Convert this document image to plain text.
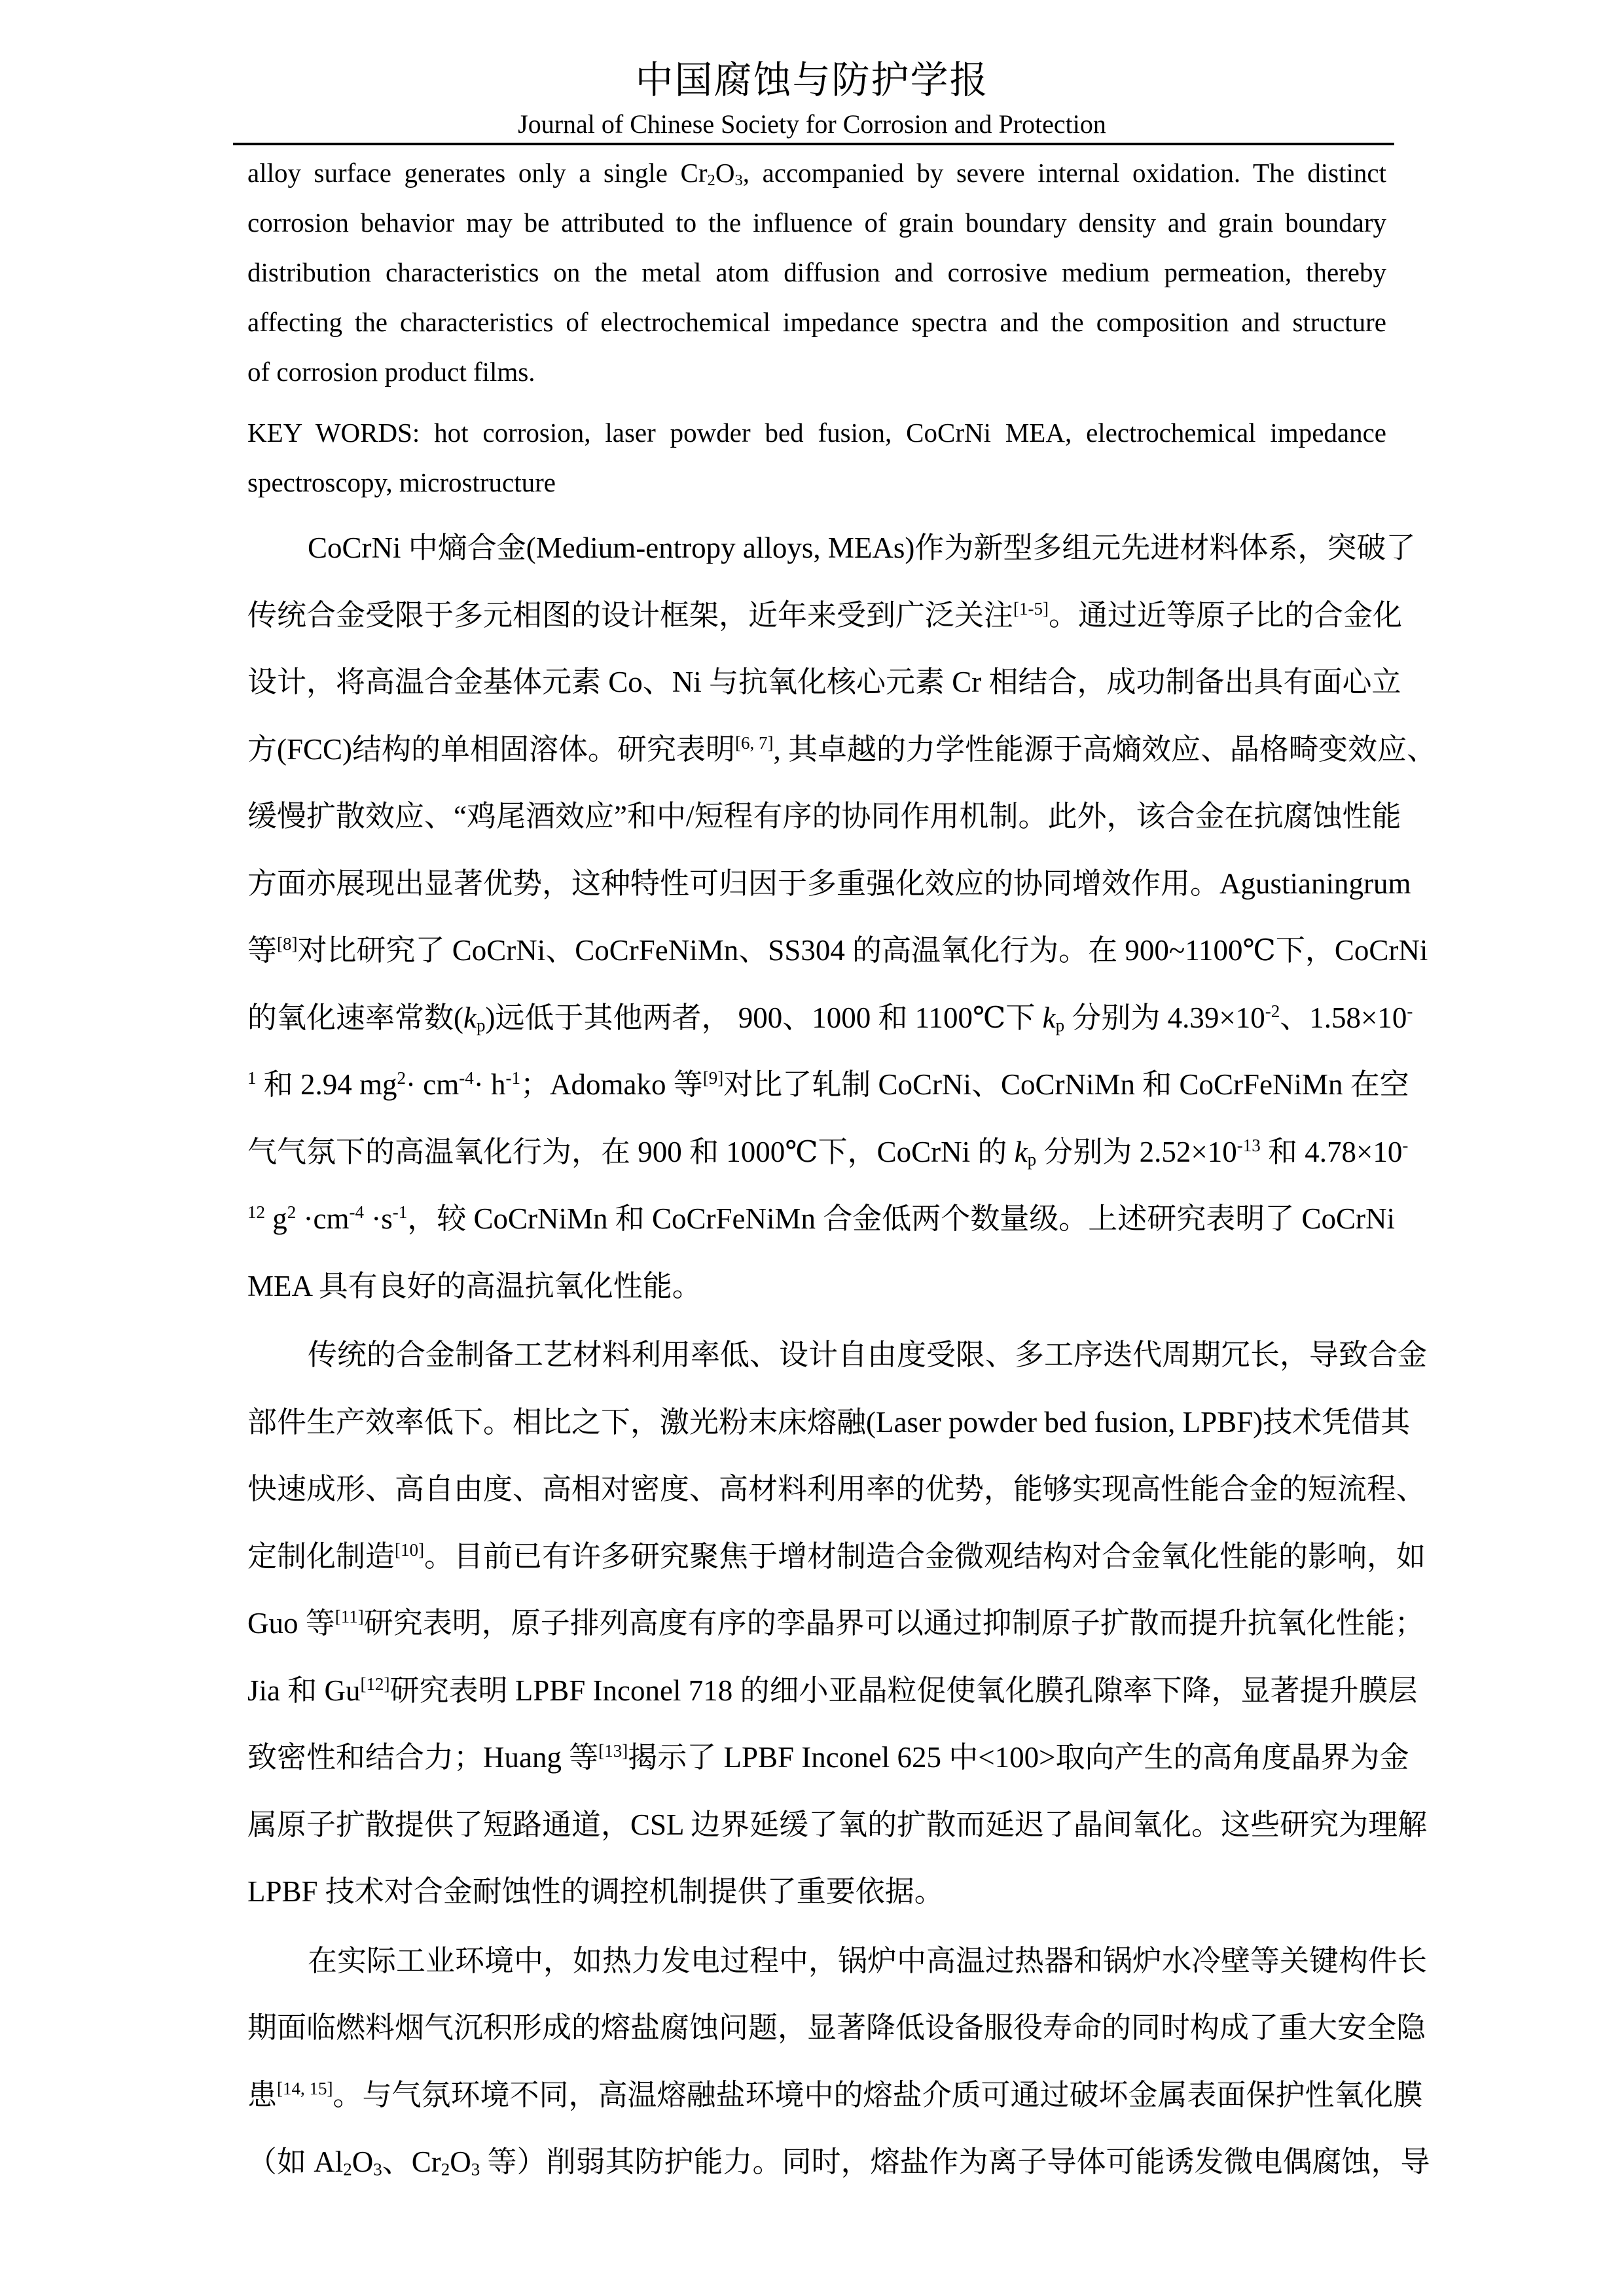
中国腐蚀与防护学报
Journal of Chinese Society for Corrosion and Protection
alloy surface generates only a single $Cr_2O_3$, accompanied by severe internal oxidation. The distinct
corrosion behavior may be attributed to the influence of grain boundary density and grain boundary
distribution characteristics on the metal atom diffusion and corrosive medium permeation, thereby
affecting the characteristics of electrochemical impedance spectra and the composition and structure
of corrosion product films.
KEY WORDS: hot corrosion, laser powder bed fusion, CoCrNi MEA, electrochemical impedance
spectroscopy, microstructure
CoCrNi 中熵合金(Medium-entropy alloys, MEAs)作为新型多组元先进材料体系，突破了
传统合金受限于多元相图的设计框架，近年来受到广泛关注[1-5]。通过近等原子比的合金化
设计，将高温合金基体元素 Co、Ni 与抗氧化核心元素 Cr 相结合，成功制备出具有面心立
方(FCC)结构的单相固溶体。研究表明[6, 7], 其卓越的力学性能源于高熵效应、晶格畸变效应、
缓慢扩散效应、“鸡尾酒效应”和中/短程有序的协同作用机制。此外，该合金在抗腐蚀性能
方面亦展现出显著优势，这种特性可归因于多重强化效应的协同增效作用。Agustianingrum
等[8]对比研究了 CoCrNi、CoCrFeNiMn、SS304 的高温氧化行为。在 900~1100℃下，CoCrNi
的氧化速率常数$(k_p)$远低于其他两者， 900、1000 和 1100℃下 $k_p$ 分别为 $4.39\times 10^{-2}$、1.58×10-
$^1$ 和 2.94 $mg^2\cdot cm^{-4}\cdot h^{-1}$；Adomako 等[9]对比了轧制 CoCrNi、CoCrNiMn 和 CoCrFeNiMn 在空
气气氛下的高温氧化行为，在 900 和 1000℃下，CoCrNi 的 $k_p$ 分别为 $2.52\times 10^{-13}$ 和 4.78×10-
$^{12}$ $g^2 \cdot cm^{-4} \cdot s^{-1}$，较 CoCrNiMn 和 CoCrFeNiMn 合金低两个数量级。上述研究表明了 CoCrNi
MEA 具有良好的高温抗氧化性能。
传统的合金制备工艺材料利用率低、设计自由度受限、多工序迭代周期冗长，导致合金
部件生产效率低下。相比之下，激光粉末床熔融(Laser powder bed fusion, LPBF)技术凭借其
快速成形、高自由度、高相对密度、高材料利用率的优势，能够实现高性能合金的短流程、
定制化制造[10]。目前已有许多研究聚焦于增材制造合金微观结构对合金氧化性能的影响，如
Guo 等[11]研究表明，原子排列高度有序的孪晶界可以通过抑制原子扩散而提升抗氧化性能；
Jia 和 Gu[12]研究表明 LPBF Inconel 718 的细小亚晶粒促使氧化膜孔隙率下降，显著提升膜层
致密性和结合力；Huang 等[13]揭示了 LPBF Inconel 625 中<100>取向产生的高角度晶界为金
属原子扩散提供了短路通道，CSL 边界延缓了氧的扩散而延迟了晶间氧化。这些研究为理解
LPBF 技术对合金耐蚀性的调控机制提供了重要依据。
在实际工业环境中，如热力发电过程中，锅炉中高温过热器和锅炉水冷壁等关键构件长
期面临燃料烟气沉积形成的熔盐腐蚀问题，显著降低设备服役寿命的同时构成了重大安全隐
患[14, 15]。与气氛环境不同，高温熔融盐环境中的熔盐介质可通过破坏金属表面保护性氧化膜
（如 $Al_2O_3$、$Cr_2O_3$ 等）削弱其防护能力。同时，熔盐作为离子导体可能诱发微电偶腐蚀，导
